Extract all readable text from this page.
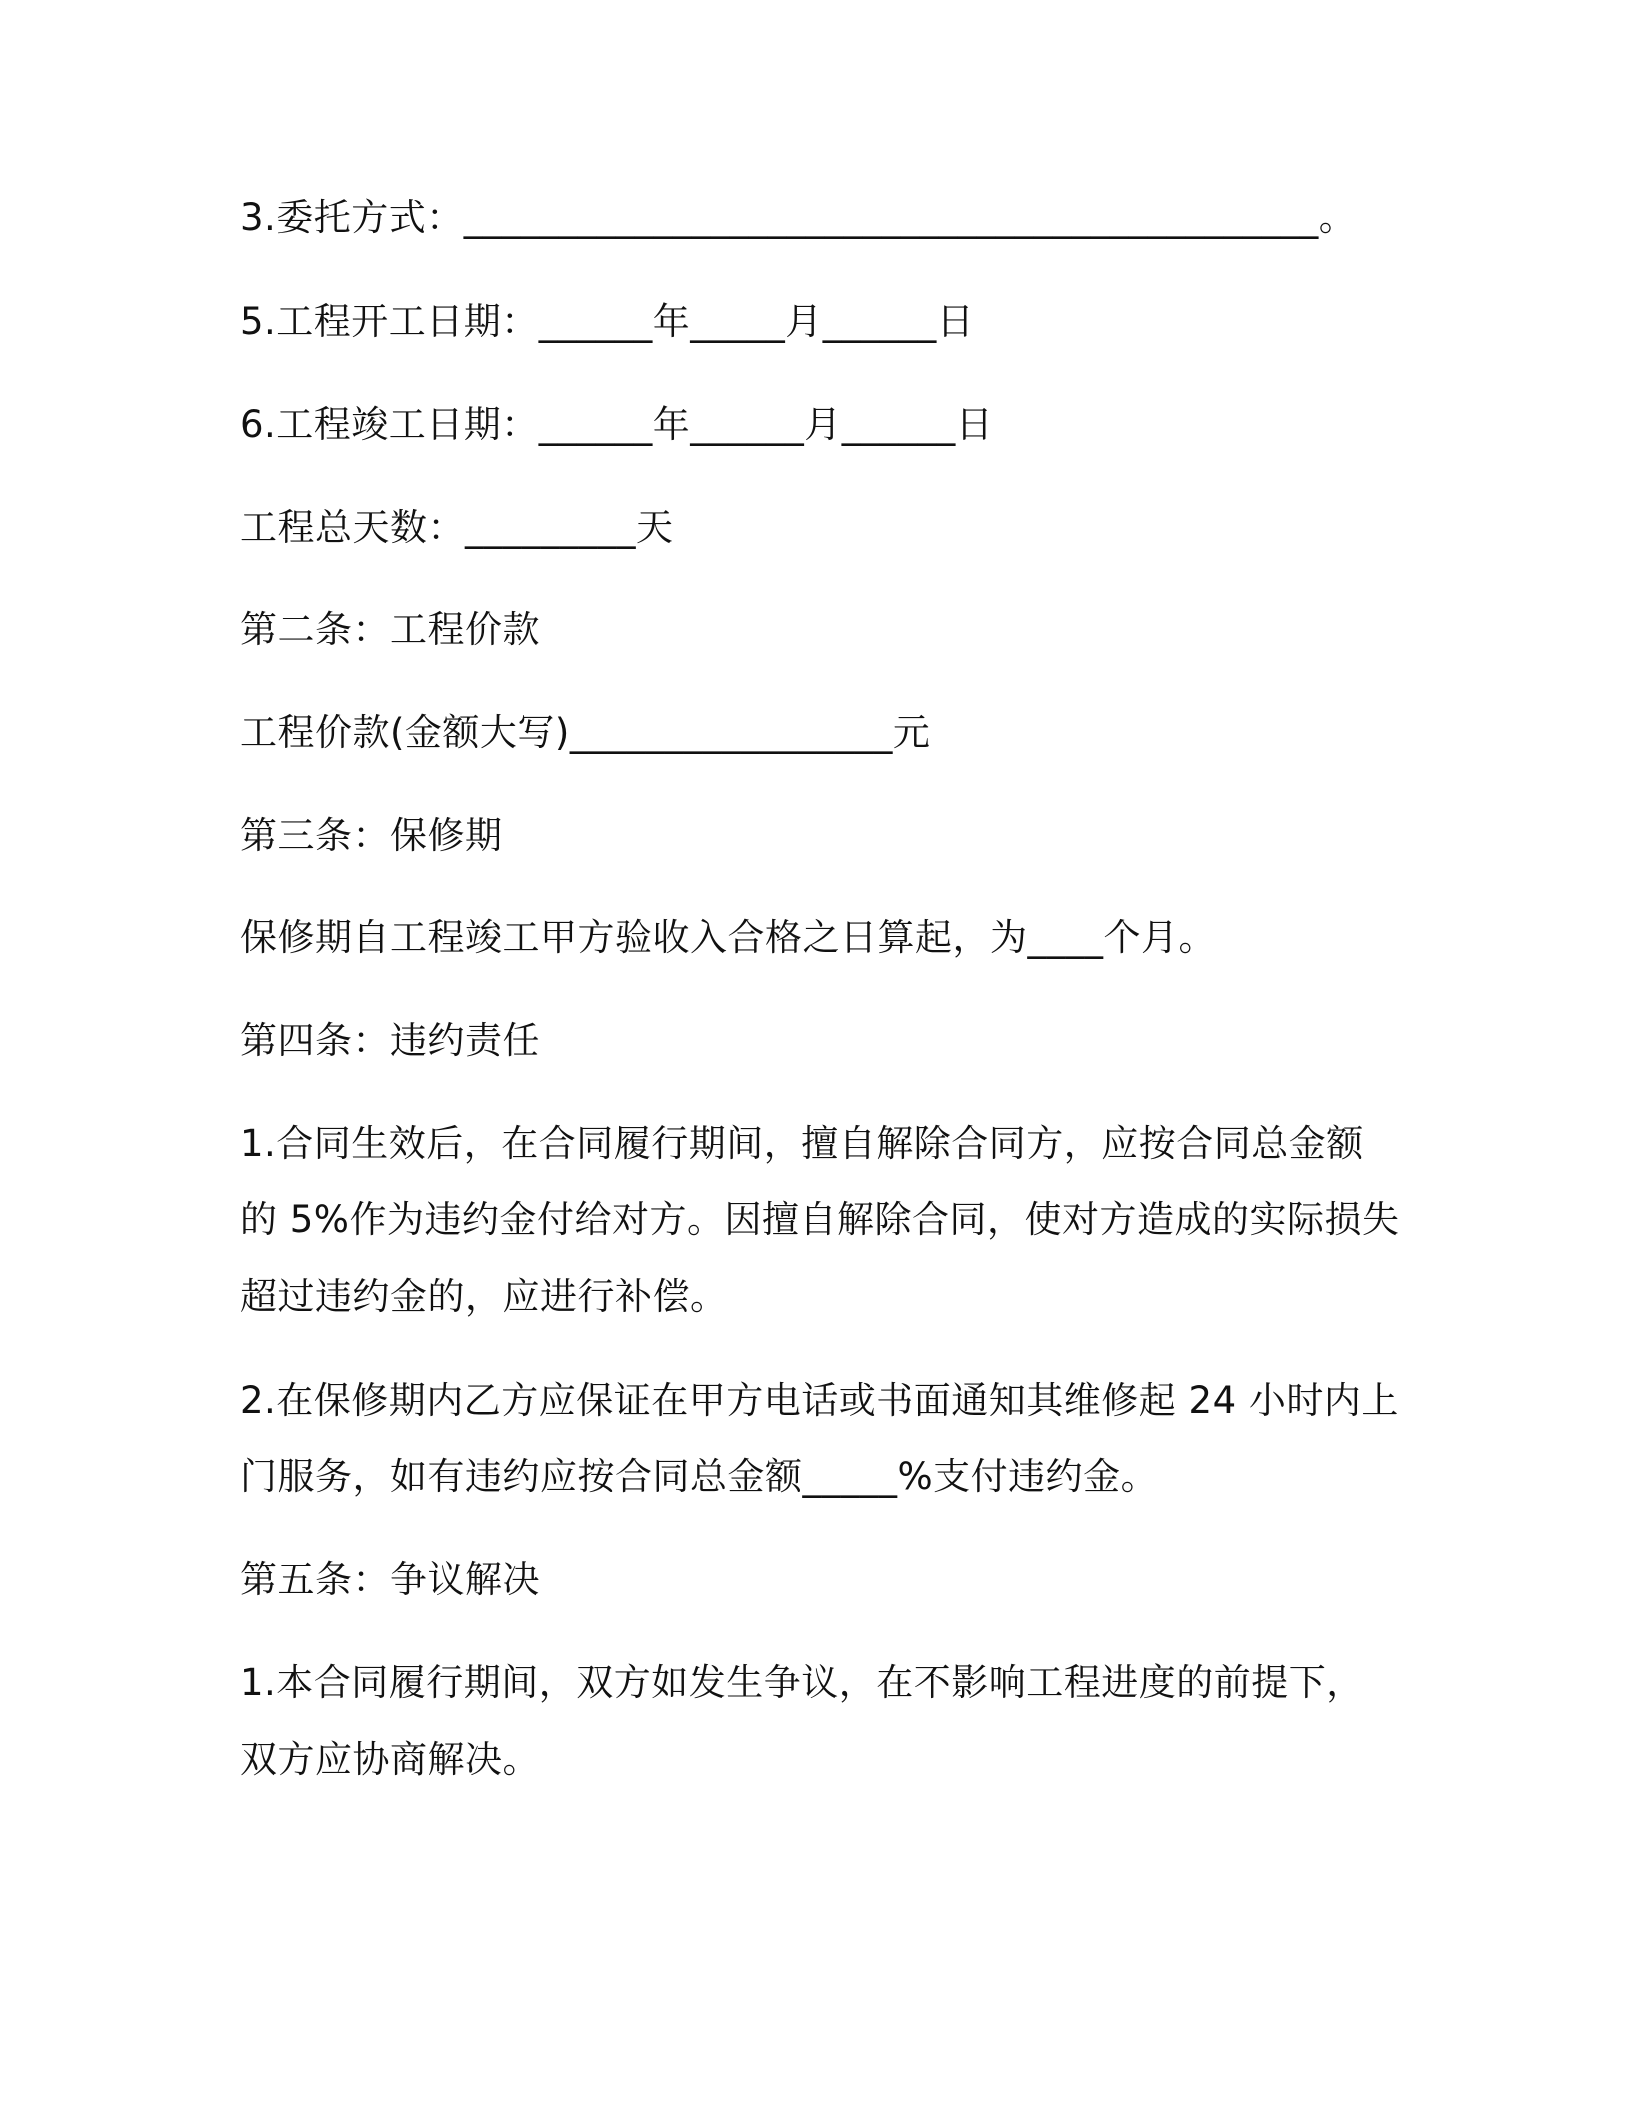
3.委托方式：_____________________________________________。
5.工程开工日期：______年_____月______日
6.工程竣工日期：______年______月______日
工程总天数：_________天
第二条：工程价款
工程价款(金额大写)_________________元
第三条：保修期
保修期自工程竣工甲方验收入合格之日算起，为____个月。
第四条：违约责任
1.合同生效后，在合同履行期间，擅自解除合同方，应按合同总金额
的 5%作为违约金付给对方。因擅自解除合同，使对方造成的实际损失
超过违约金的，应进行补偿。
2.在保修期内乙方应保证在甲方电话或书面通知其维修起 24 小时内上
门服务，如有违约应按合同总金额_____%支付违约金。
第五条：争议解决
1.本合同履行期间，双方如发生争议，在不影响工程进度的前提下，
双方应协商解决。
